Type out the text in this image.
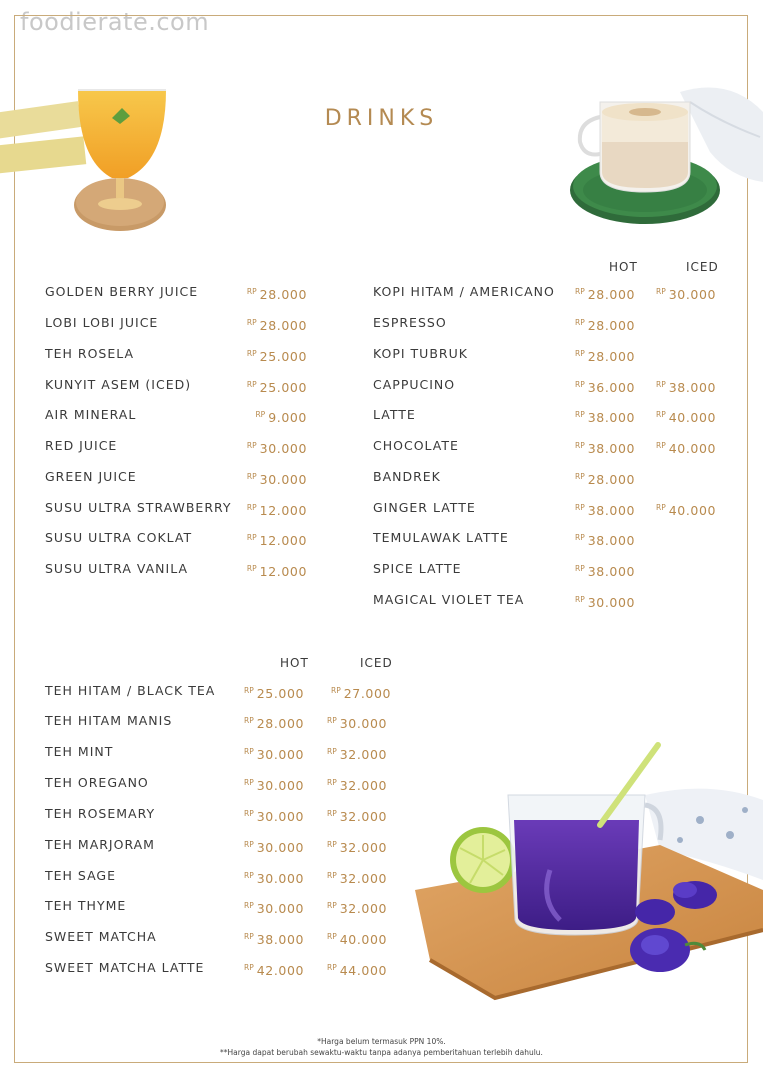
foodierate.com
DRINKS
HOT	ICED
GOLDEN BERRY JUICE	$^{RP}$ 28.000
LOBI LOBI JUICE	$^{RP}$ 28.000
TEH ROSELA	$^{RP}$ 25.000
KUNYIT ASEM (ICED)	$^{RP}$ 25.000
AIR MINERAL	$^{RP}$ 9.000
RED JUICE	$^{RP}$ 30.000
GREEN JUICE	$^{RP}$ 30.000
SUSU ULTRA STRAWBERRY $^{RP}$ 12.000
SUSU ULTRA COKLAT	$^{RP}$ 12.000
SUSU ULTRA VANILA	$^{RP}$ 12.000
KOPI HITAM / AMERICANO	$^{RP}$ 28.000	$^{RP}$ 30.000
ESPRESSO	$^{RP}$ 28.000
KOPI TUBRUK	$^{RP}$ 28.000
CAPPUCINO	$^{RP}$ 36.000	$^{RP}$ 38.000
LATTE	$^{RP}$ 38.000	$^{RP}$ 40.000
CHOCOLATE	$^{RP}$ 38.000	$^{RP}$ 40.000
BANDREK	$^{RP}$ 28.000
GINGER LATTE	$^{RP}$ 38.000	$^{RP}$ 40.000
TEMULAWAK LATTE	$^{RP}$ 38.000
SPICE LATTE	$^{RP}$ 38.000
MAGICAL VIOLET TEA	$^{RP}$ 30.000
HOT	ICED
TEH HITAM / BLACK TEA	$^{RP}$ 25.000	$^{RP}$ 27.000
TEH HITAM MANIS	$^{RP}$ 28.000	$^{RP}$ 30.000
TEH MINT	$^{RP}$ 30.000	$^{RP}$ 32.000
TEH OREGANO	$^{RP}$ 30.000	$^{RP}$ 32.000
TEH ROSEMARY	$^{RP}$ 30.000	$^{RP}$ 32.000
TEH MARJORAM	$^{RP}$ 30.000	$^{RP}$ 32.000
TEH SAGE	$^{RP}$ 30.000	$^{RP}$ 32.000
TEH THYME	$^{RP}$ 30.000	$^{RP}$ 32.000
SWEET MATCHA	$^{RP}$ 38.000	$^{RP}$ 40.000
SWEET MATCHA LATTE	$^{RP}$ 42.000	$^{RP}$ 44.000
*Harga belum termasuk PPN 10%.
**Harga dapat berubah sewaktu-waktu tanpa adanya pemberitahuan terlebih dahulu.
